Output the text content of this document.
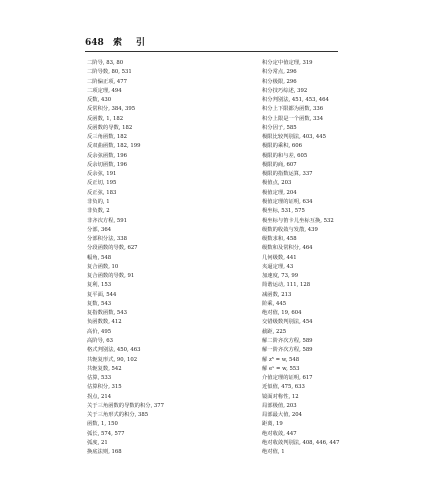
648 索引
二阶导, 83, 80
二阶导数, 80, 531
二阶偏正项, 477
二项定理, 494
反数, 430
反常积分, 384, 395
反函数, 1, 182
反函数的导数, 182
反三角函数, 182
反双曲函数, 182, 199
反余弦函数, 196
反余切函数, 196
反余弦, 191
反正切, 195
反正弦, 183
非负的, 1
非负数, 2
非齐次方程, 591
分部, 364
分部积分法, 338
分段函数的导数, 627
幅角, 548
复合函数, 10
复合函数的导数, 91
复利, 153
复平面, 544
复数, 543
复指数函数, 543
负函数数, 412
高价, 495
高阶导, 63
格式判别法, 450, 463
共轭复形式, 90, 102
共轭复数, 542
估算, 533
估算积分, 315
拐点, 214
关于三角函数的导数的积分, 377
关于三角形式的积分, 385
函数, 1, 150
弧长, 574, 577
弧度, 21
换底法则, 168
积分定中值定理, 319
积分常点, 296
积分极限, 296
积分技巧综述, 392
积分判别法, 451, 453, 464
积分上下限都为函数, 336
积分上限是一个函数, 334
积分因子, 585
极限比较判别法, 403, 445
极限的乘积, 606
极限的和与差, 605
极限的商, 607
极限的指数运算, 337
极值点, 203
极值定理, 204
极值定理的证明, 634
极坐标, 531, 575
极坐标与笛卡儿坐标互换, 532
级数的收敛与发散, 439
级数求和, 458
级数和及常积分, 464
几何级数, 441
夹逼定理, 43
加速度, 73, 99
简谐运动, 111, 128
减函数, 213
阶乘, 445
绝对值, 19, 604
交错级数判别法, 454
截距, 225
解二阶齐次方程, 589
解一阶齐次方程, 589
解 z⁵ = w, 548
解 eˣ = w, 553
介值定理的证明, 617
近似值, 475, 633
镜面对称性, 12
局部极值, 203
局部最大值, 204
距离, 19
绝对收敛, 447
绝对收敛判别法, 408, 446, 447
绝对值, 1
